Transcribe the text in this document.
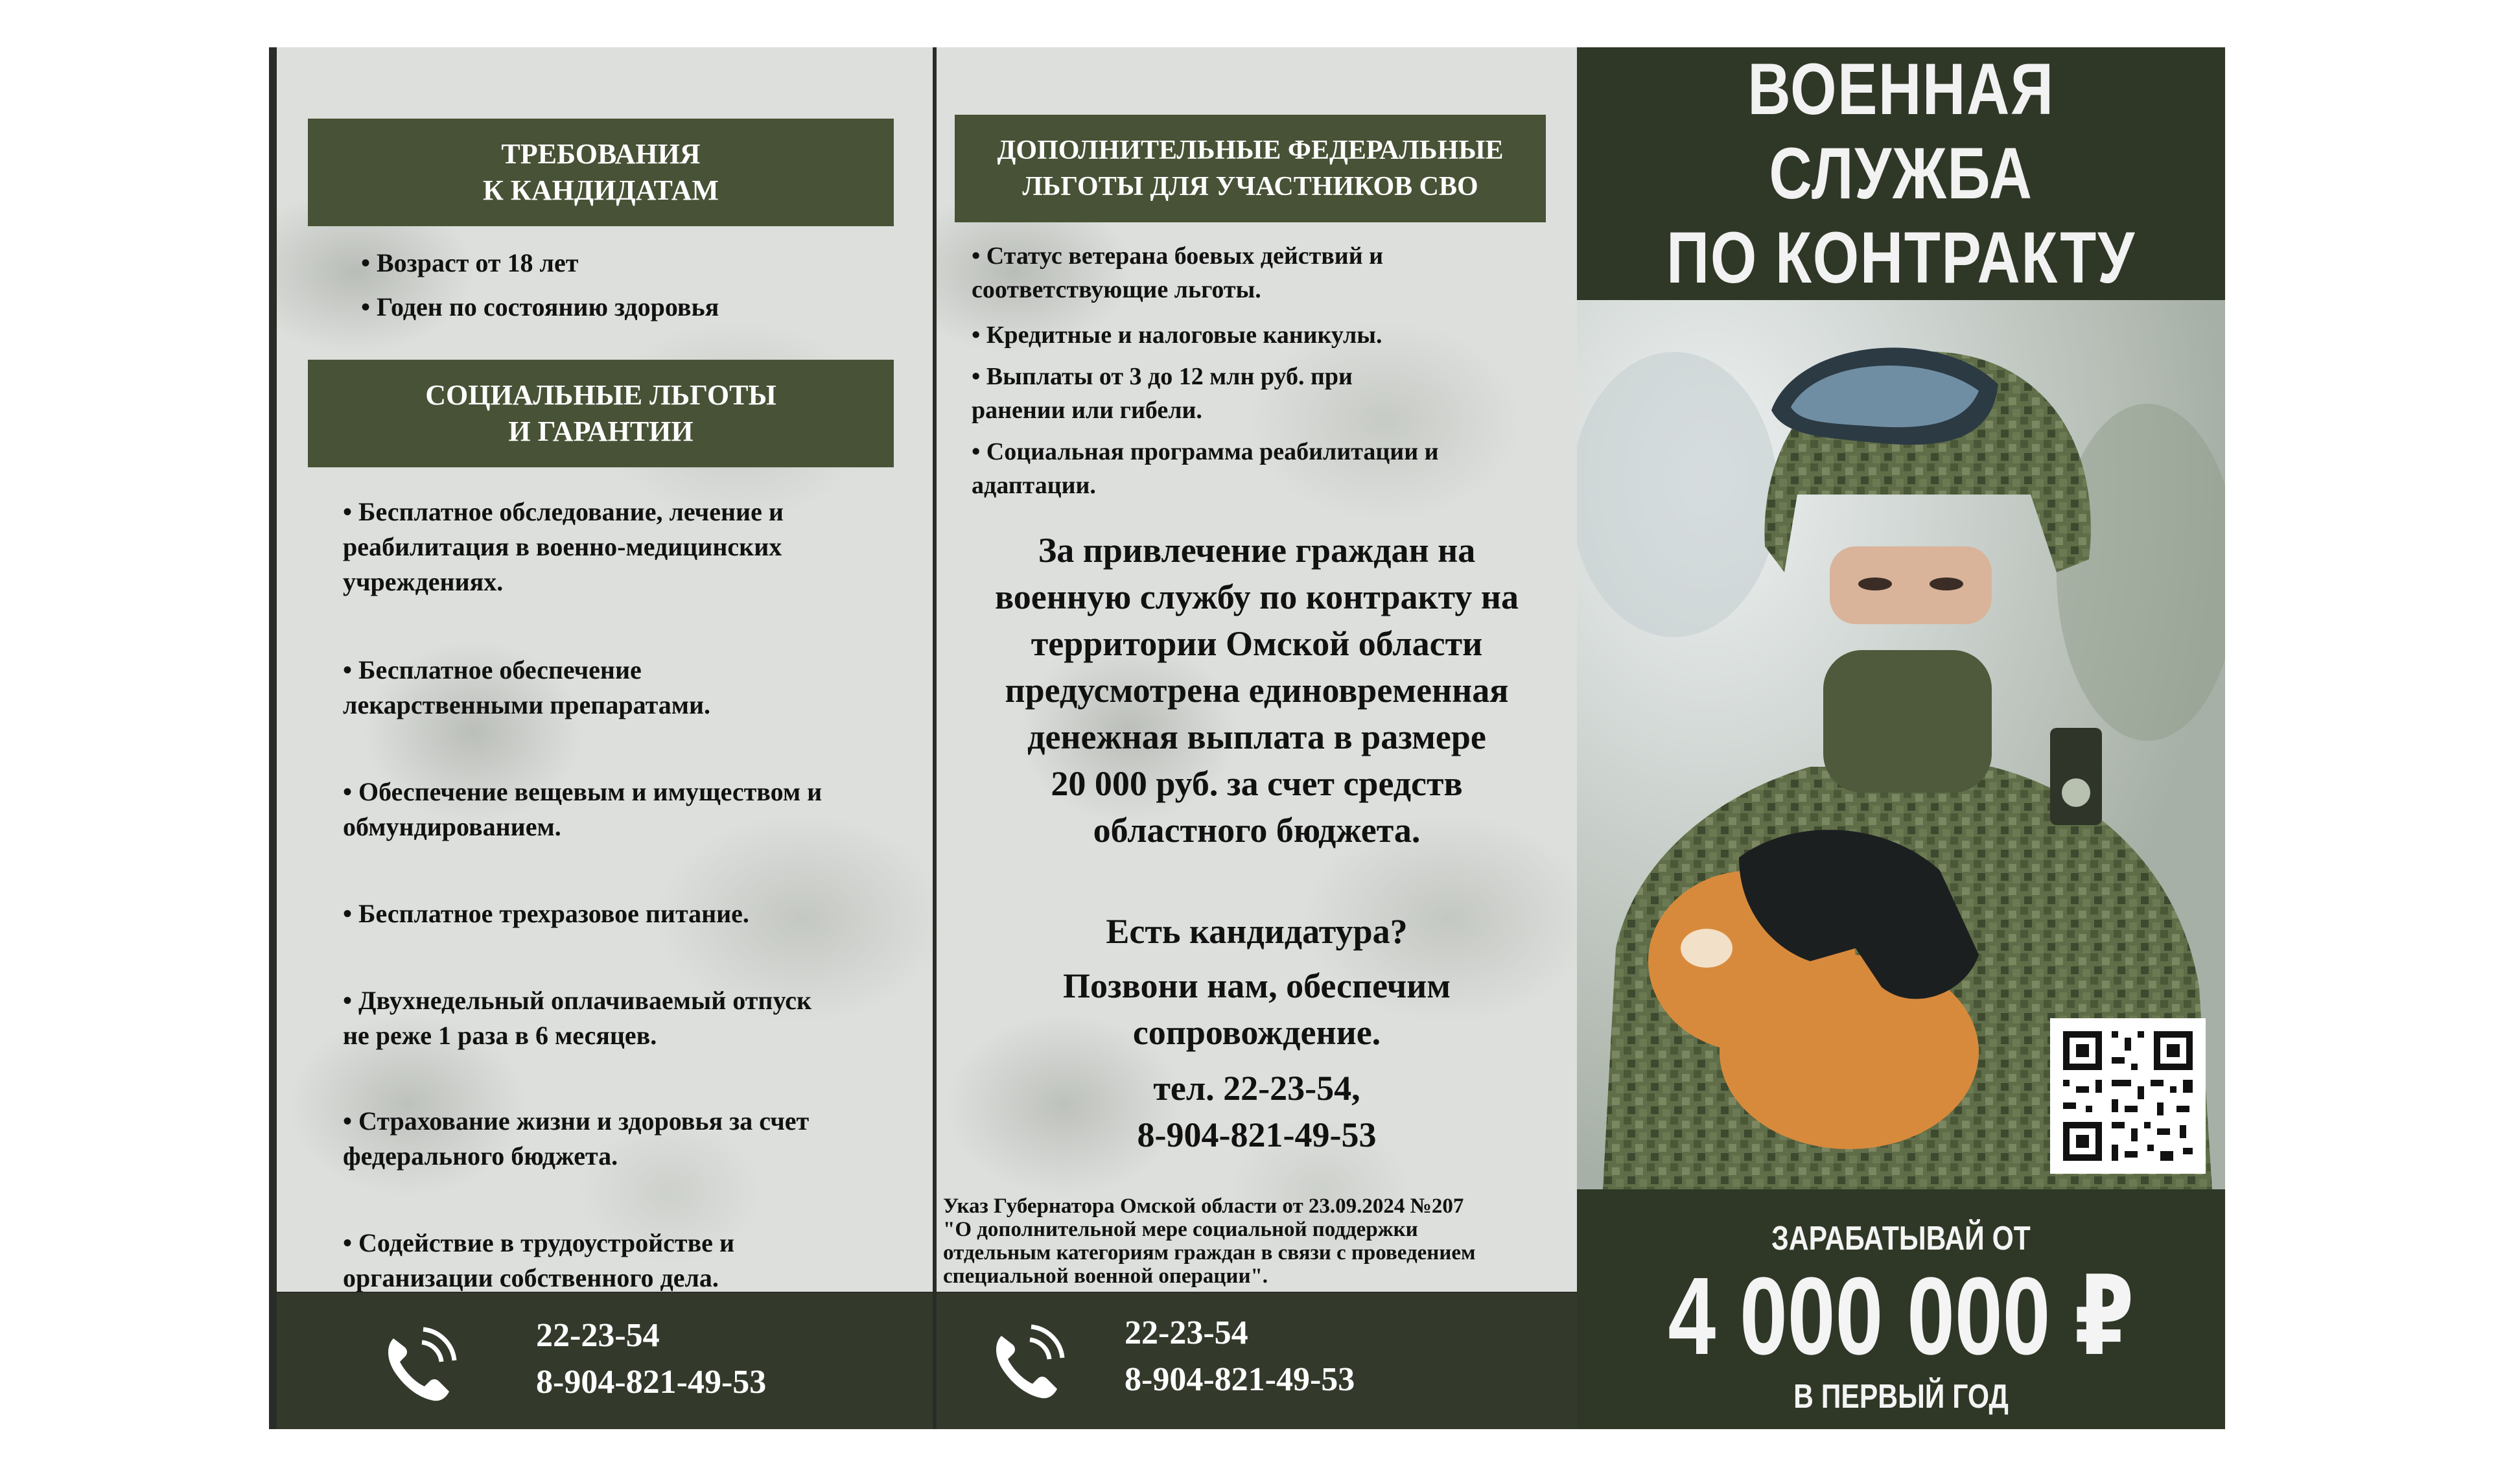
ТРЕБОВАНИЯ
К КАНДИДАТАМ
• Возраст от 18 лет
• Годен по состоянию здоровья
СОЦИАЛЬНЫЕ ЛЬГОТЫ
И ГАРАНТИИ
• Бесплатное обследование, лечение и
реабилитация в военно-медицинских
учреждениях.
• Бесплатное обеспечение
лекарственными препаратами.
• Обеспечение вещевым и имуществом и
обмундированием.
• Бесплатное трехразовое питание.
• Двухнедельный оплачиваемый отпуск
не реже 1 раза в 6 месяцев.
• Страхование жизни и здоровья за счет
федерального бюджета.
• Содействие в трудоустройстве и
организации собственного дела.
22-23-54
8-904-821-49-53
ДОПОЛНИТЕЛЬНЫЕ ФЕДЕРАЛЬНЫЕ
ЛЬГОТЫ ДЛЯ УЧАСТНИКОВ СВО
• Статус ветерана боевых действий и
соответствующие льготы.
• Кредитные и налоговые каникулы.
• Выплаты от 3 до 12 млн руб. при
ранении или гибели.
• Социальная программа реабилитации и
адаптации.
За привлечение граждан на
военную службу по контракту на
территории Омской области
предусмотрена единовременная
денежная выплата в размере
20 000 руб. за счет средств
областного бюджета.
Есть кандидатура?
Позвони нам, обеспечим
сопровождение.
тел. 22-23-54,
8-904-821-49-53
Указ Губернатора Омской области от 23.09.2024 №207
"О дополнительной мере социальной поддержки
отдельным категориям граждан в связи с проведением
специальной военной операции".
22-23-54
8-904-821-49-53
ВОЕННАЯ СЛУЖБА
ПО КОНТРАКТУ
ЗАРАБАТЫВАЙ ОТ
4 000 000 ₽
В ПЕРВЫЙ ГОД
